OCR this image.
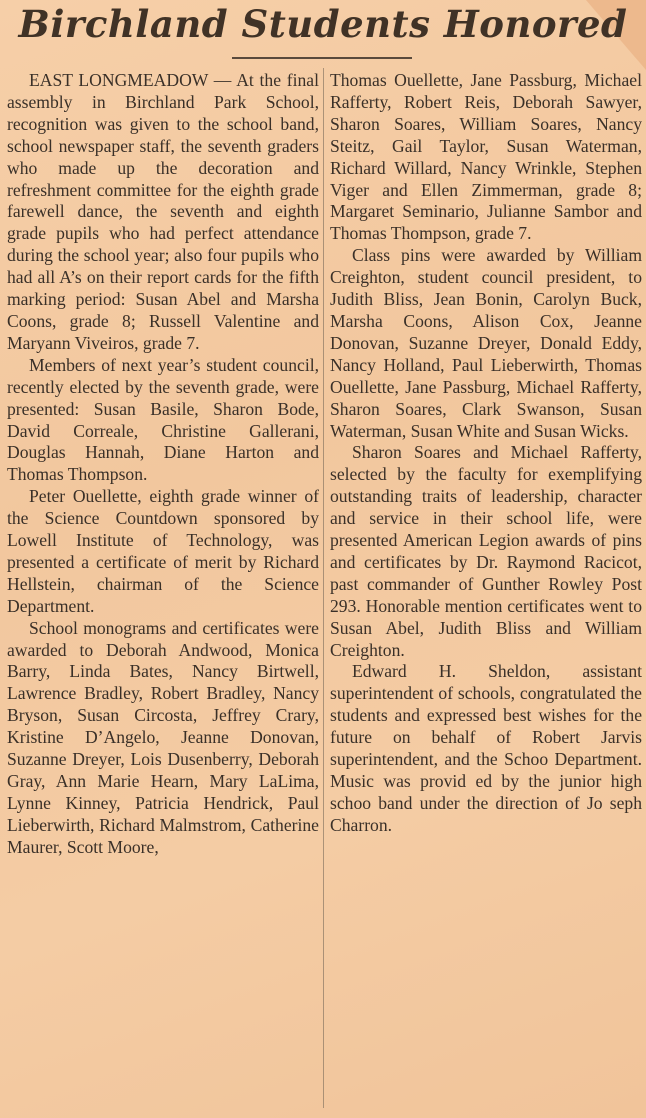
Birchland Students Honored

EAST LONGMEADOW — At the final assembly in Birchland Park School, recognition was given to the school band, school newspaper staff, the seventh graders who made up the decoration and refreshment committee for the eighth grade farewell dance, the seventh and eighth grade pupils who had perfect attendance during the school year; also four pupils who had all A’s on their report cards for the fifth marking period: Susan Abel and Marsha Coons, grade 8; Russell Valentine and Maryann Viveiros, grade 7.

Members of next year’s student council, recently elected by the seventh grade, were presented: Susan Basile, Sharon Bode, David Correale, Christine Gallerani, Douglas Hannah, Diane Harton and Thomas Thompson.

Peter Ouellette, eighth grade winner of the Science Countdown sponsored by Lowell Institute of Technology, was presented a certificate of merit by Richard Hellstein, chairman of the Science Department.

School monograms and certificates were awarded to Deborah Andwood, Monica Barry, Linda Bates, Nancy Birtwell, Lawrence Bradley, Robert Bradley, Nancy Bryson, Susan Circosta, Jeffrey Crary, Kristine D’Angelo, Jeanne Donovan, Suzanne Dreyer, Lois Dusenberry, Deborah Gray, Ann Marie Hearn, Mary LaLima, Lynne Kinney, Patricia Hendrick, Paul Lieberwirth, Richard Malmstrom, Catherine Maurer, Scott Moore,

Thomas Ouellette, Jane Passburg, Michael Rafferty, Robert Reis, Deborah Sawyer, Sharon Soares, William Soares, Nancy Steitz, Gail Taylor, Susan Waterman, Richard Willard, Nancy Wrinkle, Stephen Viger and Ellen Zimmerman, grade 8; Margaret Seminario, Julianne Sambor and Thomas Thompson, grade 7.

Class pins were awarded by William Creighton, student council president, to Judith Bliss, Jean Bonin, Carolyn Buck, Marsha Coons, Alison Cox, Jeanne Donovan, Suzanne Dreyer, Donald Eddy, Nancy Holland, Paul Lieberwirth, Thomas Ouellette, Jane Passburg, Michael Rafferty, Sharon Soares, Clark Swanson, Susan Waterman, Susan White and Susan Wicks.

Sharon Soares and Michael Rafferty, selected by the faculty for exemplifying outstanding traits of leadership, character and service in their school life, were presented American Legion awards of pins and certificates by Dr. Raymond Racicot, past commander of Gunther Rowley Post 293. Honorable mention certificates went to Susan Abel, Judith Bliss and William Creighton.

Edward H. Sheldon, assistant superintendent of schools, congratulated the students and expressed best wishes for the future on behalf of Robert Jarvis superintendent, and the Schoo Department. Music was provid ed by the junior high schoo band under the direction of Jo seph Charron.
